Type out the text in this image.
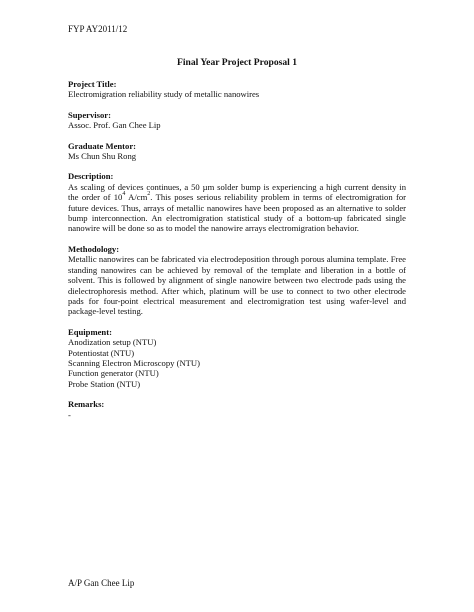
FYP AY2011/12
Final Year Project Proposal 1
Project Title:
Electromigration reliability study of metallic nanowires
Supervisor:
Assoc. Prof. Gan Chee Lip
Graduate Mentor:
Ms Chun Shu Rong
Description:
As scaling of devices continues, a 50 µm solder bump is experiencing a high current density in the order of $10^4$ $A/cm^2$. This poses serious reliability problem in terms of electromigration for future devices. Thus, arrays of metallic nanowires have been proposed as an alternative to solder bump interconnection. An electromigration statistical study of a bottom-up fabricated single nanowire will be done so as to model the nanowire arrays electromigration behavior.
Methodology:
Metallic nanowires can be fabricated via electrodeposition through porous alumina template. Free standing nanowires can be achieved by removal of the template and liberation in a bottle of solvent. This is followed by alignment of single nanowire between two electrode pads using the dielectrophoresis method. After which, platinum will be use to connect to two other electrode pads for four-point electrical measurement and electromigration test using wafer-level and package-level testing.
Equipment:
Anodization setup (NTU)
Potentiostat (NTU)
Scanning Electron Microscopy (NTU)
Function generator (NTU)
Probe Station (NTU)
Remarks:
-
A/P Gan Chee Lip
